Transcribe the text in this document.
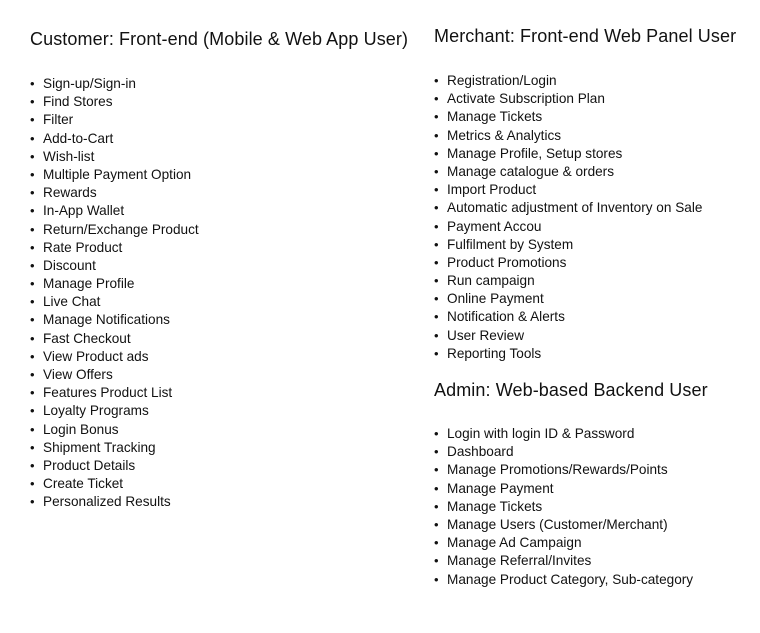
Customer: Front-end (Mobile & Web App User)
• Sign-up/Sign-in
• Find Stores
• Filter
• Add-to-Cart
• Wish-list
• Multiple Payment Option
• Rewards
• In-App Wallet
• Return/Exchange Product
• Rate Product
• Discount
• Manage Profile
• Live Chat
• Manage Notifications
• Fast Checkout
• View Product ads
• View Offers
• Features Product List
• Loyalty Programs
• Login Bonus
• Shipment Tracking
• Product Details
• Create Ticket
• Personalized Results
Merchant: Front-end Web Panel User
• Registration/Login
• Activate Subscription Plan
• Manage Tickets
• Metrics & Analytics
• Manage Profile, Setup stores
• Manage catalogue & orders
• Import Product
• Automatic adjustment of Inventory on Sale
• Payment Accou
• Fulfilment by System
• Product Promotions
• Run campaign
• Online Payment
• Notification & Alerts
• User Review
• Reporting Tools
Admin: Web-based Backend User
• Login with login ID & Password
• Dashboard
• Manage Promotions/Rewards/Points
• Manage Payment
• Manage Tickets
• Manage Users (Customer/Merchant)
• Manage Ad Campaign
• Manage Referral/Invites
• Manage Product Category, Sub-category
